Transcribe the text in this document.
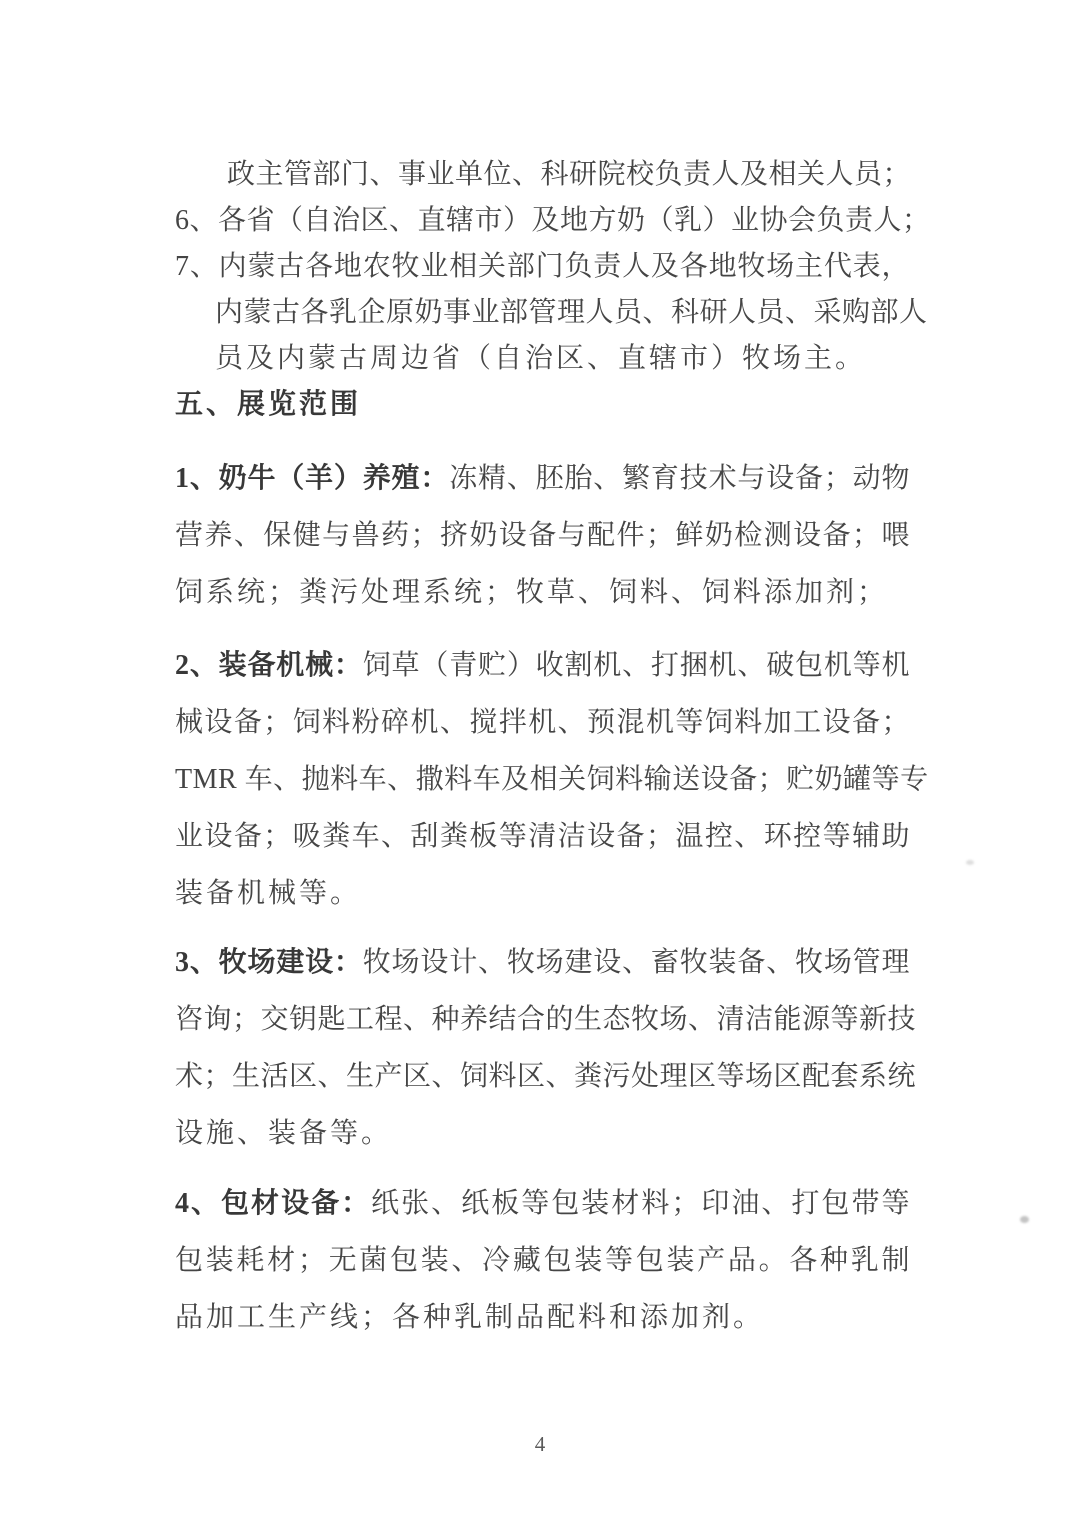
政主管部门、事业单位、科研院校负责人及相关人员；
6、各省（自治区、直辖市）及地方奶（乳）业协会负责人；
7、内蒙古各地农牧业相关部门负责人及各地牧场主代表，
内蒙古各乳企原奶事业部管理人员、科研人员、采购部人
员及内蒙古周边省（自治区、直辖市）牧场主。
五、展览范围
1、奶牛（羊）养殖：冻精、胚胎、繁育技术与设备；动物
营养、保健与兽药；挤奶设备与配件；鲜奶检测设备；喂
饲系统；粪污处理系统；牧草、饲料、饲料添加剂；
2、装备机械：饲草（青贮）收割机、打捆机、破包机等机
械设备；饲料粉碎机、搅拌机、预混机等饲料加工设备；
TMR 车、抛料车、撒料车及相关饲料输送设备；贮奶罐等专
业设备；吸粪车、刮粪板等清洁设备；温控、环控等辅助
装备机械等。
3、牧场建设：牧场设计、牧场建设、畜牧装备、牧场管理
咨询；交钥匙工程、种养结合的生态牧场、清洁能源等新技
术；生活区、生产区、饲料区、粪污处理区等场区配套系统
设施、装备等。
4、包材设备：纸张、纸板等包装材料；印油、打包带等
包装耗材；无菌包装、冷藏包装等包装产品。各种乳制
品加工生产线；各种乳制品配料和添加剂。
4
